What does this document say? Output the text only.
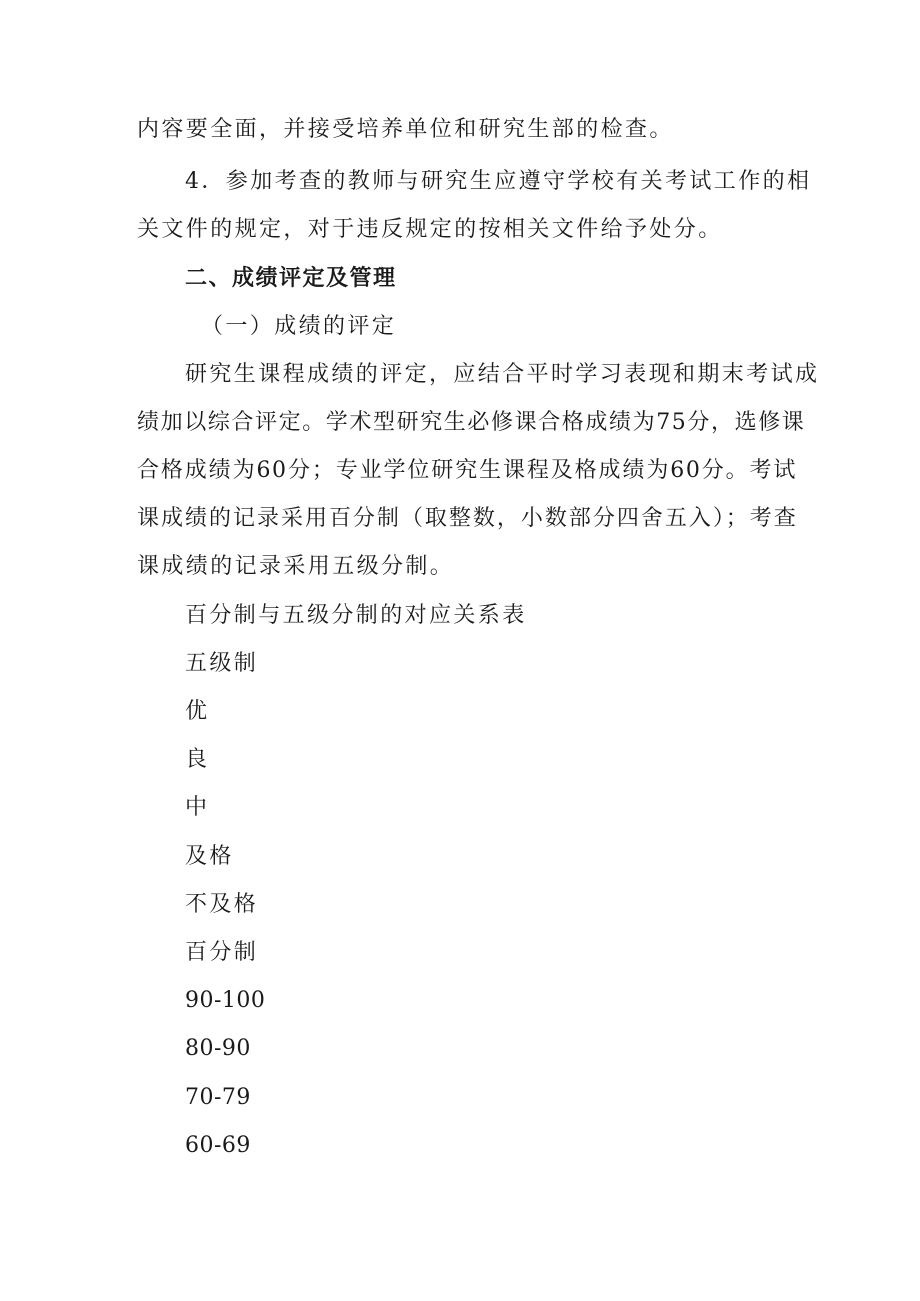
内容要全面，并接受培养单位和研究生部的检查。
4．参加考查的教师与研究生应遵守学校有关考试工作的相
关文件的规定，对于违反规定的按相关文件给予处分。
二、成绩评定及管理
（一）成绩的评定
研究生课程成绩的评定，应结合平时学习表现和期末考试成
绩加以综合评定。学术型研究生必修课合格成绩为75分，选修课
合格成绩为60分；专业学位研究生课程及格成绩为60分。考试
课成绩的记录采用百分制（取整数，小数部分四舍五入）；考查
课成绩的记录采用五级分制。
百分制与五级分制的对应关系表
五级制
优
良
中
及格
不及格
百分制
90-100
80-90
70-79
60-69
